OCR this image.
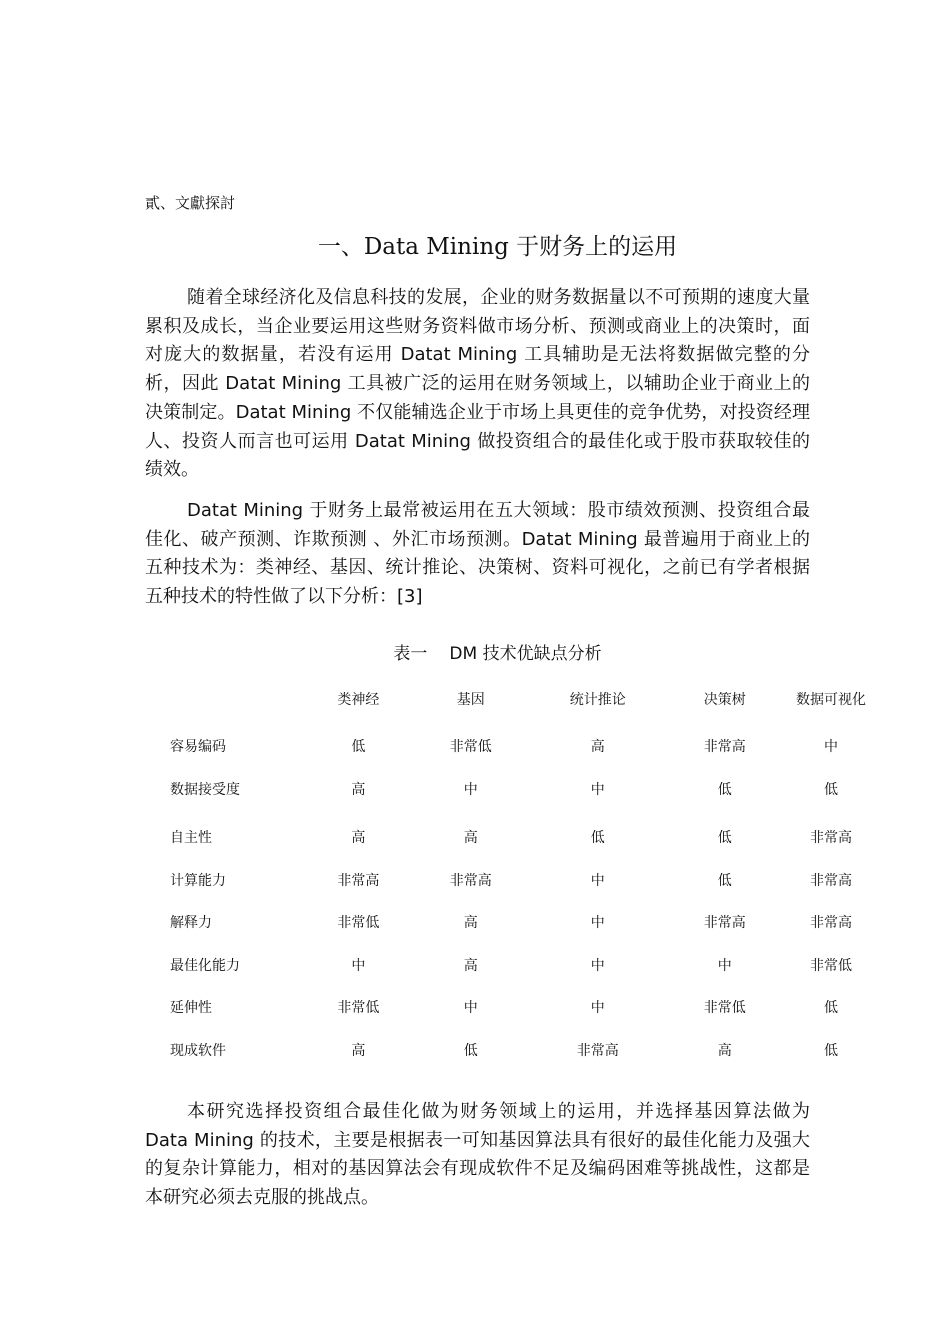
貳、文獻探討
一、Data Mining 于财务上的运用

随着全球经济化及信息科技的发展，企业的财务数据量以不可预期的速度大量累积及成长，当企业要运用这些财务资料做市场分析、预测或商业上的决策时，面对庞大的数据量，若没有运用 Datat Mining 工具辅助是无法将数据做完整的分析，因此 Datat Mining 工具被广泛的运用在财务领域上，以辅助企业于商业上的决策制定。Datat Mining 不仅能辅选企业于市场上具更佳的竞争优势，对投资经理人、投资人而言也可运用 Datat Mining 做投资组合的最佳化或于股市获取较佳的绩效。

Datat Mining 于财务上最常被运用在五大领域：股市绩效预测、投资组合最佳化、破产预测、诈欺预测 、外汇市场预测。Datat Mining 最普遍用于商业上的五种技术为：类神经、基因、统计推论、决策树、资料可视化，之前已有学者根据五种技术的特性做了以下分析：[3]

表一 DM 技术优缺点分析
	类神经	基因	统计推论	决策树	数据可视化
容易编码	低	非常低	高	非常高	中
数据接受度	高	中	中	低	低
自主性	高	高	低	低	非常高
计算能力	非常高	非常高	中	低	非常高
解释力	非常低	高	中	非常高	非常高
最佳化能力	中	高	中	中	非常低
延伸性	非常低	中	中	非常低	低
现成软件	高	低	非常高	高	低

本研究选择投资组合最佳化做为财务领域上的运用，并选择基因算法做为 Data Mining 的技术，主要是根据表一可知基因算法具有很好的最佳化能力及强大的复杂计算能力，相对的基因算法会有现成软件不足及编码困难等挑战性，这都是本研究必须去克服的挑战点。
